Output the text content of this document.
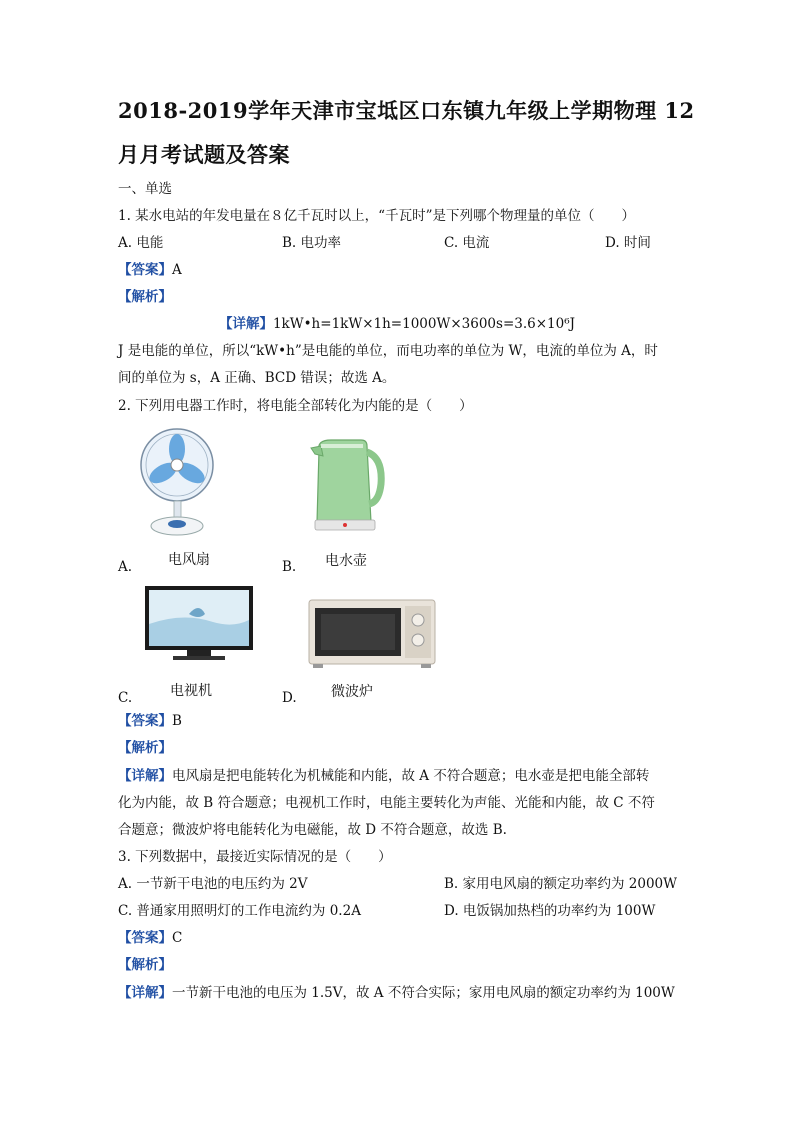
2018-2019学年天津市宝坻区口东镇九年级上学期物理 12
月月考试题及答案
一、单选
1. 某水电站的年发电量在８亿千瓦时以上，“千瓦时”是下列哪个物理量的单位（　　）
A. 电能	B. 电功率	C. 电流	D. 时间
【答案】A
【解析】
【详解】1kW•h=1kW×1h=1000W×3600s=3.6×10⁶J
J 是电能的单位，所以“kW•h”是电能的单位，而电功率的单位为 W，电流的单位为 A，时
间的单位为 s，A 正确、BCD 错误；故选 A。
2. 下列用电器工作时，将电能全部转化为内能的是（　　）
电风扇
A.	电水壶
B.
电视机
C.	微波炉
D.
【答案】B
【解析】
【详解】电风扇是把电能转化为机械能和内能，故 A 不符合题意；电水壶是把电能全部转
化为内能，故 B 符合题意；电视机工作时，电能主要转化为声能、光能和内能，故 C 不符
合题意；微波炉将电能转化为电磁能，故 D 不符合题意，故选 B.
3. 下列数据中，最接近实际情况的是（　　）
A. 一节新干电池的电压约为 2V	B. 家用电风扇的额定功率约为 2000W
C. 普通家用照明灯的工作电流约为 0.2A	D. 电饭锅加热档的功率约为 100W
【答案】C
【解析】
【详解】一节新干电池的电压为 1.5V，故 A 不符合实际；家用电风扇的额定功率约为 100W
